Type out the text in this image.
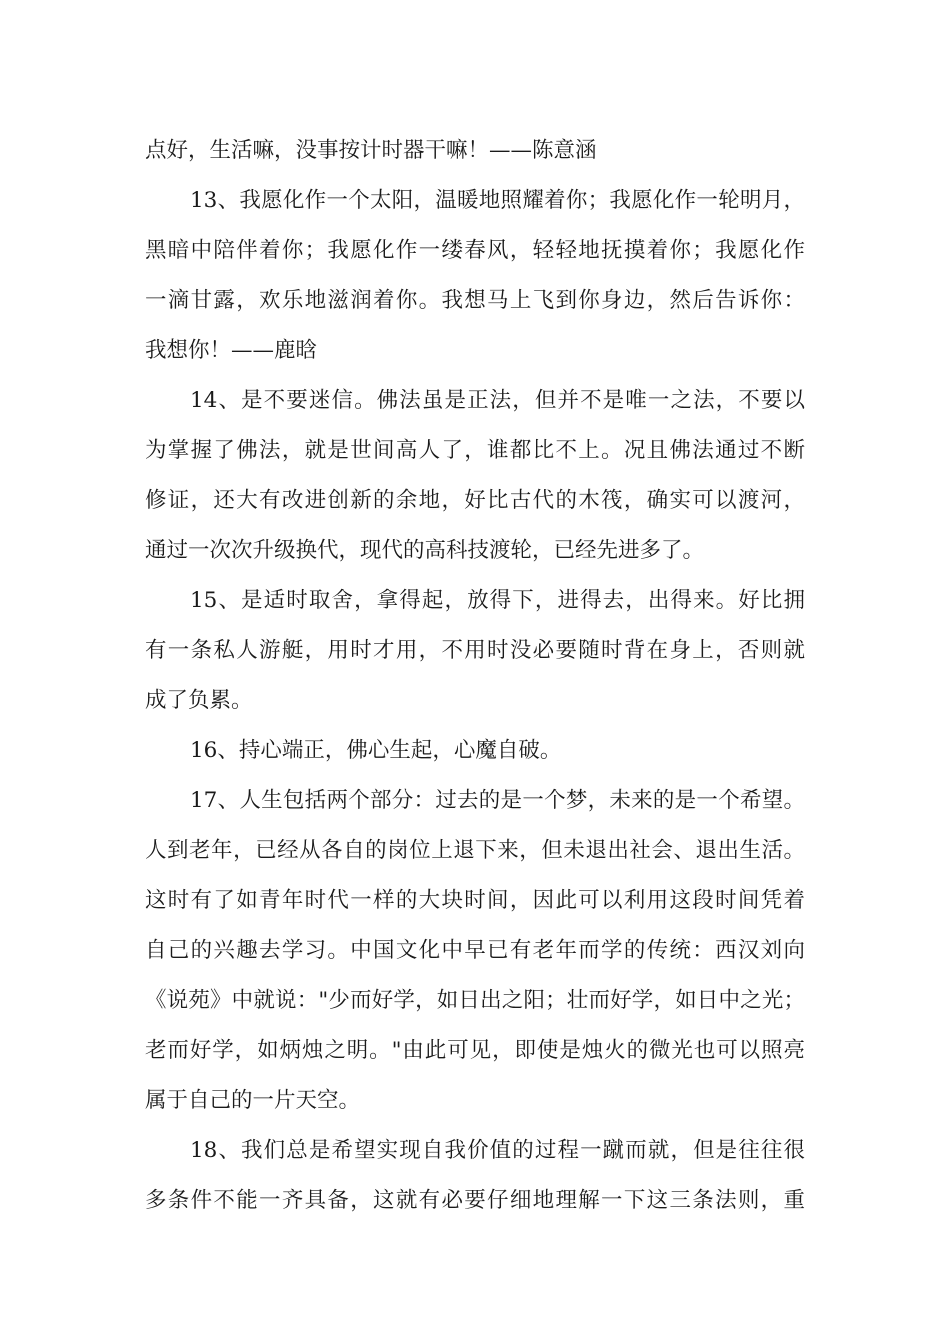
点好，生活嘛，没事按计时器干嘛！——陈意涵
13、我愿化作一个太阳，温暖地照耀着你；我愿化作一轮明月，
黑暗中陪伴着你；我愿化作一缕春风，轻轻地抚摸着你；我愿化作
一滴甘露，欢乐地滋润着你。我想马上飞到你身边，然后告诉你：
我想你！——鹿晗
14、是不要迷信。佛法虽是正法，但并不是唯一之法，不要以
为掌握了佛法，就是世间高人了，谁都比不上。况且佛法通过不断
修证，还大有改进创新的余地，好比古代的木筏，确实可以渡河，
通过一次次升级换代，现代的高科技渡轮，已经先进多了。
15、是适时取舍，拿得起，放得下，进得去，出得来。好比拥
有一条私人游艇，用时才用，不用时没必要随时背在身上，否则就
成了负累。
16、持心端正，佛心生起，心魔自破。
17、人生包括两个部分：过去的是一个梦，未来的是一个希望。
人到老年，已经从各自的岗位上退下来，但未退出社会、退出生活。
这时有了如青年时代一样的大块时间，因此可以利用这段时间凭着
自己的兴趣去学习。中国文化中早已有老年而学的传统：西汉刘向
《说苑》中就说："少而好学，如日出之阳；壮而好学，如日中之光；
老而好学，如炳烛之明。"由此可见，即使是烛火的微光也可以照亮
属于自己的一片天空。
18、我们总是希望实现自我价值的过程一蹴而就，但是往往很
多条件不能一齐具备，这就有必要仔细地理解一下这三条法则，重
